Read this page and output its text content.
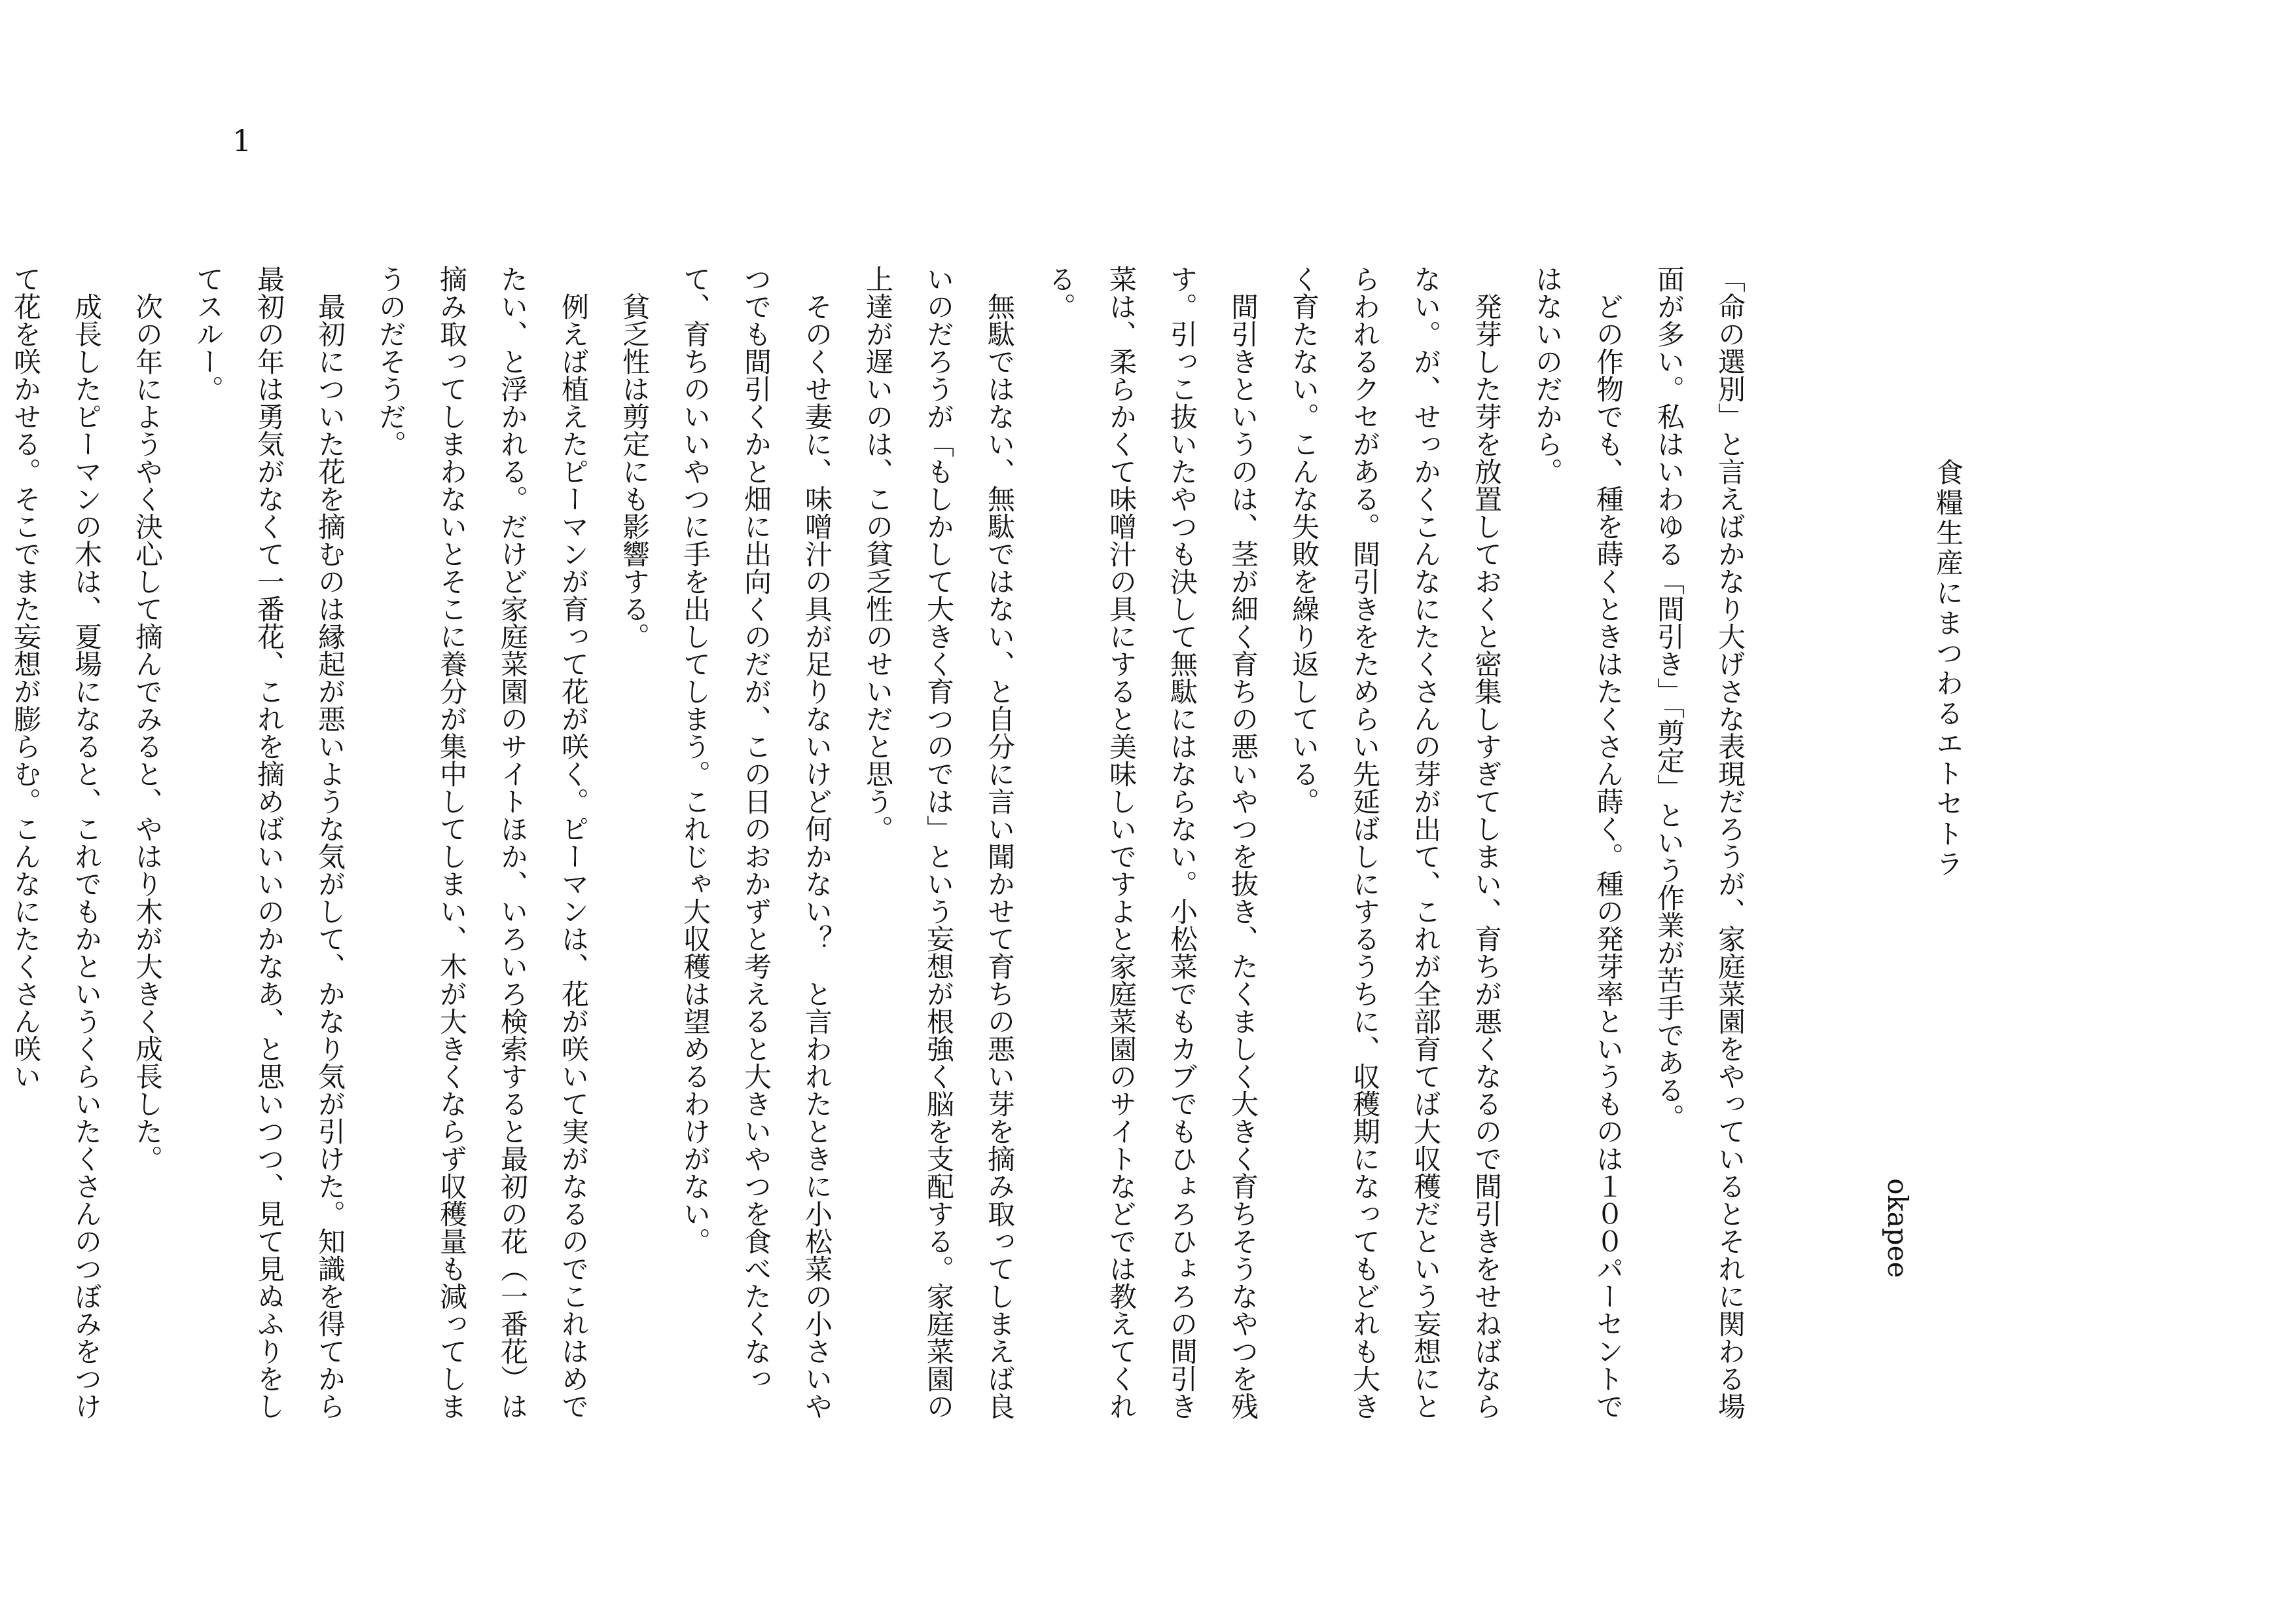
1
食糧生産にまつわるエトセトラ
okapee

「命の選別」と言えばかなり大げさな表現だろうが、家庭菜園をやっているとそれに関わる場面が多い。私はいわゆる「間引き」「剪定」という作業が苦手である。

どの作物でも、種を蒔くときはたくさん蒔く。種の発芽率というものは１００パーセントではないのだから。

発芽した芽を放置しておくと密集しすぎてしまい、育ちが悪くなるので間引きをせねばならない。が、せっかくこんなにたくさんの芽が出て、これが全部育てば大収穫だという妄想にとらわれるクセがある。間引きをためらい先延ばしにするうちに、収穫期になってもどれも大きく育たない。こんな失敗を繰り返している。

間引きというのは、茎が細く育ちの悪いやつを抜き、たくましく大きく育ちそうなやつを残す。引っこ抜いたやつも決して無駄にはならない。小松菜でもカブでもひょろひょろの間引き菜は、柔らかくて味噌汁の具にすると美味しいですよと家庭菜園のサイトなどでは教えてくれる。

無駄ではない、無駄ではない、と自分に言い聞かせて育ちの悪い芽を摘み取ってしまえば良いのだろうが「もしかして大きく育つのでは」という妄想が根強く脳を支配する。家庭菜園の上達が遅いのは、この貧乏性のせいだと思う。

そのくせ妻に、味噌汁の具が足りないけど何かない？　と言われたときに小松菜の小さいやつでも間引くかと畑に出向くのだが、この日のおかずと考えると大きいやつを食べたくなって、育ちのいいやつに手を出してしまう。これじゃ大収穫は望めるわけがない。

貧乏性は剪定にも影響する。

例えば植えたピーマンが育って花が咲く。ピーマンは、花が咲いて実がなるのでこれはめでたい、と浮かれる。だけど家庭菜園のサイトほか、いろいろ検索すると最初の花（一番花）は摘み取ってしまわないとそこに養分が集中してしまい、木が大きくならず収穫量も減ってしまうのだそうだ。

最初についた花を摘むのは縁起が悪いような気がして、かなり気が引けた。知識を得てから最初の年は勇気がなくて一番花、これを摘めばいいのかなあ、と思いつつ、見て見ぬふりをしてスルー。

次の年にようやく決心して摘んでみると、やはり木が大きく成長した。

成長したピーマンの木は、夏場になると、これでもかというくらいたくさんのつぼみをつけて花を咲かせる。そこでまた妄想が膨らむ。こんなにたくさん咲い
